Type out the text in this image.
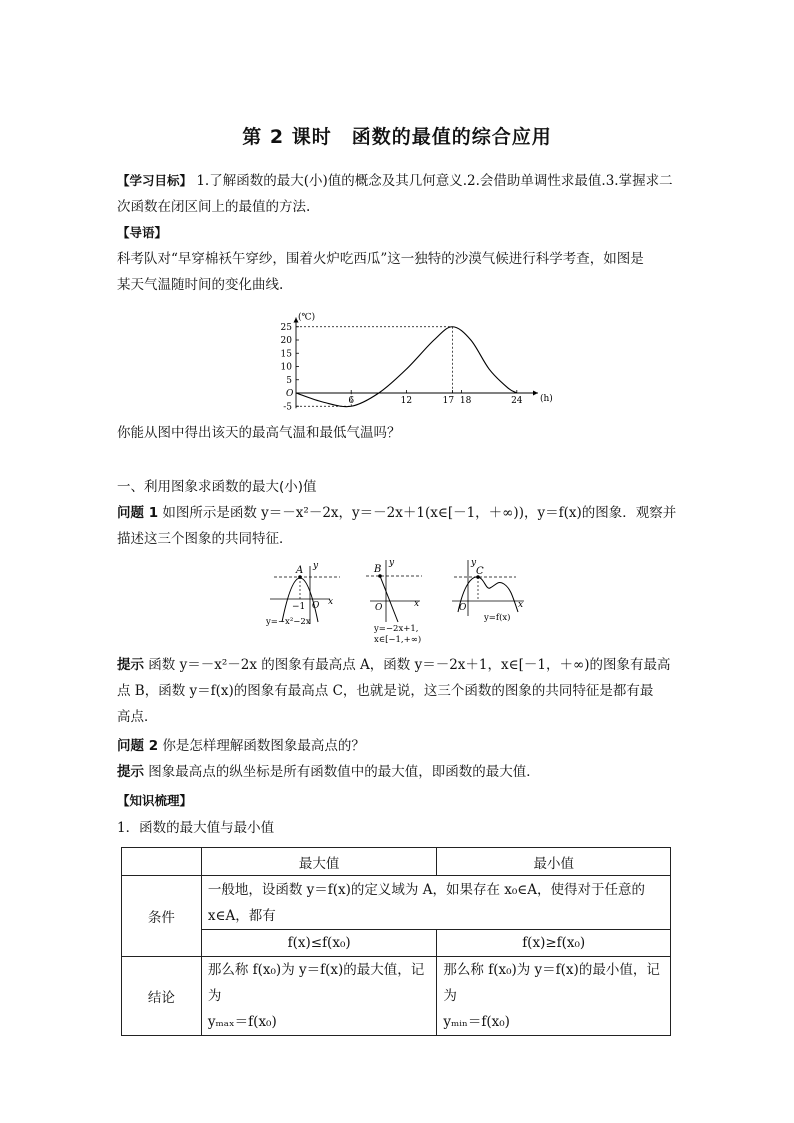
第 2 课时　函数的最值的综合应用
【学习目标】 1.了解函数的最大(小)值的概念及其几何意义.2.会借助单调性求最值.3.掌握求二
次函数在闭区间上的最值的方法.
【导语】
科考队对“早穿棉袄午穿纱，围着火炉吃西瓜”这一独特的沙漠气候进行科学考查，如图是
某天气温随时间的变化曲线.
(℃)
(h)
O
25
20
15
10
5
-5
6	12	17 18	24
你能从图中得出该天的最高气温和最低气温吗？
一、利用图象求函数的最大(小)值
问题 1 如图所示是函数 y＝－x²－2x，y＝－2x＋1(x∈[－1，＋∞))，y＝f(x)的图象．观察并
描述这三个图象的共同特征．
A
−1 O x
y
y=−x²−2x
B
O	x
y
y=−2x+1,
x∈[−1,+∞)
C
O	x
y
y=f(x)
提示 函数 y＝－x²－2x 的图象有最高点 A，函数 y＝－2x＋1，x∈[－1，＋∞)的图象有最高
点 B，函数 y＝f(x)的图象有最高点 C，也就是说，这三个函数的图象的共同特征是都有最
高点．
问题 2 你是怎样理解函数图象最高点的？
提示 图象最高点的纵坐标是所有函数值中的最大值，即函数的最大值．
【知识梳理】
1．函数的最大值与最小值
	最大值	最小值
条件	一般地，设函数 y＝f(x)的定义域为 A，如果存在 x₀∈A，使得对于任意的
x∈A，都有	
	f(x)≤f(x₀)	f(x)≥f(x₀)
结论	那么称 f(x₀)为 y＝f(x)的最大值，记为
yₘₐₓ＝f(x₀)	那么称 f(x₀)为 y＝f(x)的最小值，记为
yₘᵢₙ＝f(x₀)
